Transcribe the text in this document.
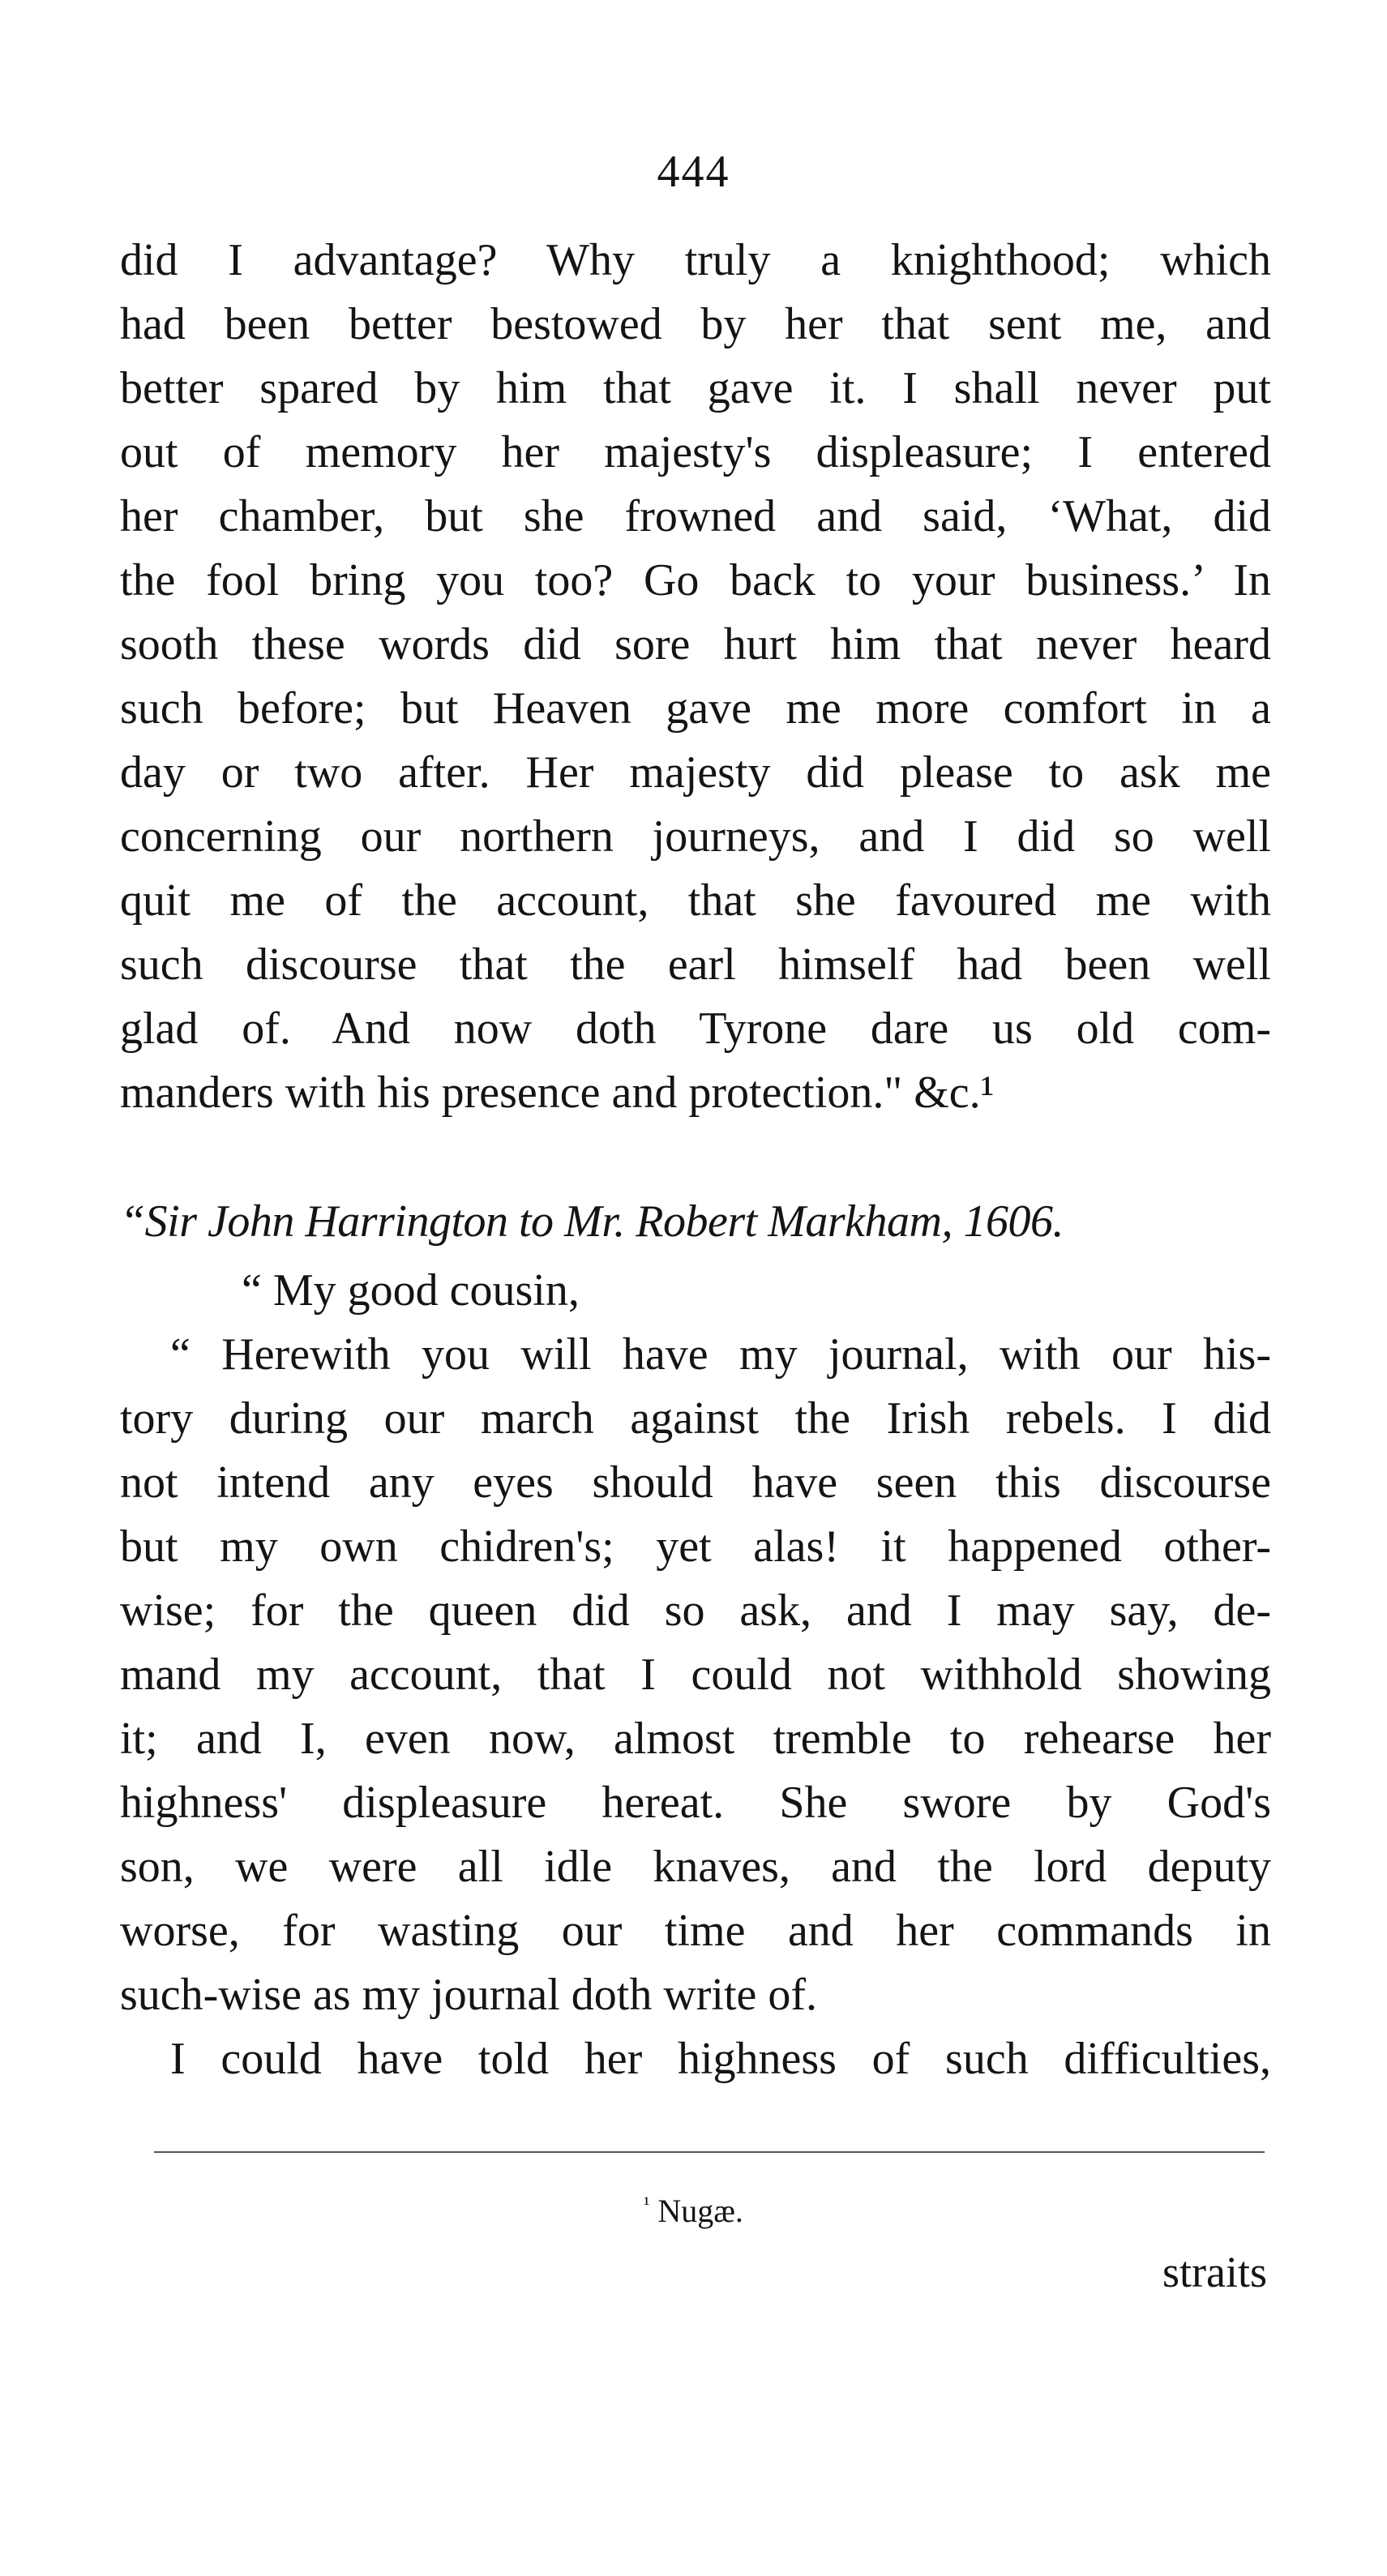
444
did I advantage? Why truly a knighthood; which
had been better bestowed by her that sent me, and
better spared by him that gave it. I shall never put
out of memory her majesty's displeasure; I entered
her chamber, but she frowned and said, ‘What, did
the fool bring you too? Go back to your business.’ In
sooth these words did sore hurt him that never heard
such before; but Heaven gave me more comfort in a
day or two after. Her majesty did please to ask me
concerning our northern journeys, and I did so well
quit me of the account, that she favoured me with
such discourse that the earl himself had been well
glad of. And now doth Tyrone dare us old com-
manders with his presence and protection." &c.¹
“Sir John Harrington to Mr. Robert Markham, 1606.
“ My good cousin,
“ Herewith you will have my journal, with our his-
tory during our march against the Irish rebels. I did
not intend any eyes should have seen this discourse
but my own chidren's; yet alas! it happened other-
wise; for the queen did so ask, and I may say, de-
mand my account, that I could not withhold showing
it; and I, even now, almost tremble to rehearse her
highness' displeasure hereat. She swore by God's
son, we were all idle knaves, and the lord deputy
worse, for wasting our time and her commands in
such-wise as my journal doth write of.
I could have told her highness of such difficulties,
$^{^1}$ Nugæ.
straits
